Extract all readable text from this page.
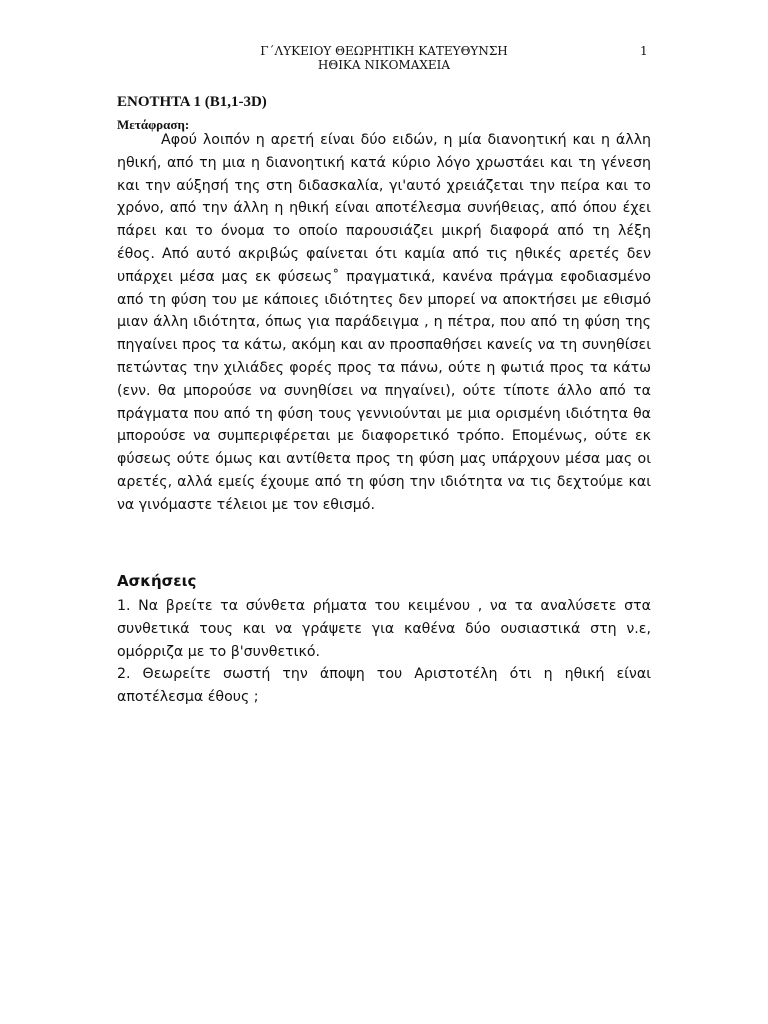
Γ΄ΛΥΚΕΙΟΥ ΘΕΩΡΗΤΙΚΗ ΚΑΤΕΥΘΥΝΣΗ
ΗΘΙΚΑ ΝΙΚΟΜΑΧΕΙΑ
1
ΕΝΟΤΗΤΑ 1 (Β1,1-3D)
Μετάφραση:

Αφού λοιπόν η αρετή είναι δύο ειδών, η μία διανοητική και η άλλη ηθική, από τη μια η διανοητική κατά κύριο λόγο χρωστάει και τη γένεση και την αύξησή της στη διδασκαλία, γι'αυτό χρειάζεται την πείρα και το χρόνο, από την άλλη η ηθική είναι αποτέλεσμα συνήθειας, από όπου έχει πάρει και το όνομα το οποίο παρουσιάζει μικρή διαφορά από τη λέξη έθος. Από αυτό ακριβώς φαίνεται ότι καμία από τις ηθικές αρετές δεν υπάρχει μέσα μας εκ φύσεως˚ πραγματικά, κανένα πράγμα εφοδιασμένο από τη φύση του με κάποιες ιδιότητες δεν μπορεί να αποκτήσει με εθισμό μιαν άλλη ιδιότητα, όπως για παράδειγμα , η πέτρα, που από τη φύση της πηγαίνει προς τα κάτω, ακόμη και αν προσπαθήσει κανείς να τη συνηθίσει πετώντας την χιλιάδες φορές προς τα πάνω, ούτε η φωτιά προς τα κάτω (ενν. θα μπορούσε να συνηθίσει να πηγαίνει), ούτε τίποτε άλλο από τα πράγματα που από τη φύση τους γεννιούνται με μια ορισμένη ιδιότητα θα μπορούσε να συμπεριφέρεται με διαφορετικό τρόπο. Επομένως, ούτε εκ φύσεως ούτε όμως και αντίθετα προς τη φύση μας υπάρχουν μέσα μας οι αρετές, αλλά εμείς έχουμε από τη φύση την ιδιότητα να τις δεχτούμε και να γινόμαστε τέλειοι με τον εθισμό.

Ασκήσεις
1. Να βρείτε τα σύνθετα ρήματα του κειμένου , να τα αναλύσετε στα συνθετικά τους και να γράψετε για καθένα δύο ουσιαστικά στη ν.ε, ομόρριζα με το β'συνθετικό.
2. Θεωρείτε σωστή την άποψη του Αριστοτέλη ότι η ηθική είναι αποτέλεσμα έθους ;
